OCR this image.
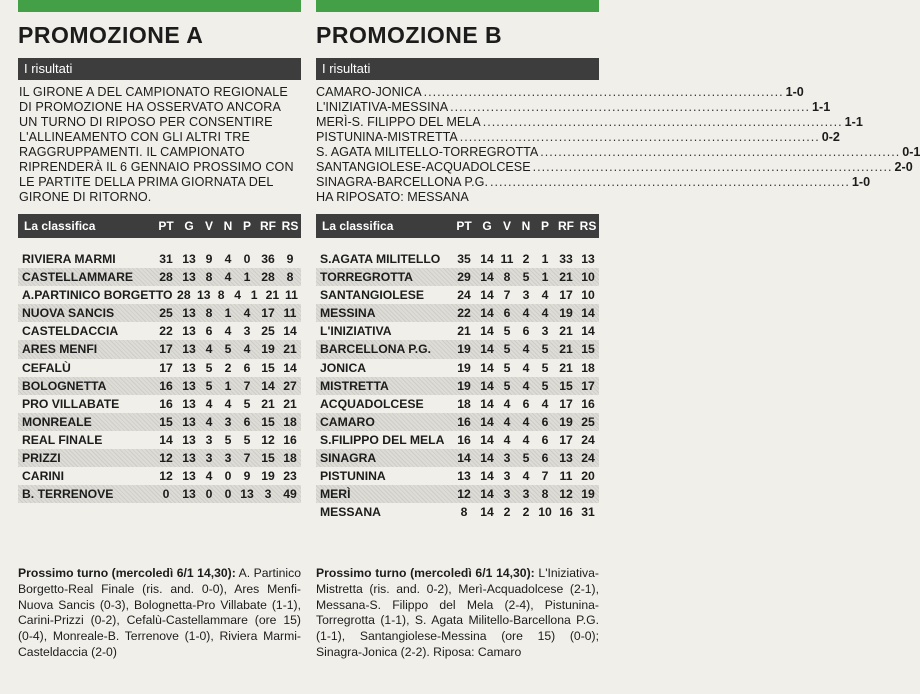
PROMOZIONE A
I risultati
IL GIRONE A DEL CAMPIONATO REGIONALE DI PROMOZIONE HA OSSERVATO ANCORA UN TURNO DI RIPOSO PER CONSENTIRE L'ALLINEAMENTO CON GLI ALTRI TRE RAGGRUPPAMENTI. IL CAMPIONATO RIPRENDERÀ IL 6 GENNAIO PROSSIMO CON LE PARTITE DELLA PRIMA GIORNATA DEL GIRONE DI RITORNO.
La classifica	PT G V N P RF RS
RIVIERA MARMI	31 13 9	4	0 36 9
CASTELLAMMARE	28 13 8	4	1 28 8
A.PARTINICO BORGETTO 28 13 8 4 1 21 11
NUOVA SANCIS	25 13 8	1	4 17 11
CASTELDACCIA	22 13 6	4	3 25 14
ARES MENFI	17 13 4	5	4 19 21
CEFALÙ	17 13 5	2	6 15 14
BOLOGNETTA	16 13 5	1	7 14 27
PRO VILLABATE	16 13 4	4	5 21 21
MONREALE	15 13 4	3	6 15 18
REAL FINALE	14 13 3	5	5 12 16
PRIZZI	12 13 3	3	7 15 18
CARINI	12 13 4	0	9 19 23
B. TERRENOVE	0	13 0	0 13 3 49
Prossimo turno (mercoledì 6/1 14,30): A. Partinico Borgetto-Real Finale (ris. and. 0-0), Ares Menfi-Nuova Sancis (0-3), Bolognetta-Pro Villabate (1-1), Carini-Prizzi (0-2), Cefalù-Castellammare (ore 15) (0-4), Monreale-B. Terrenove (1-0), Riviera Marmi-Casteldaccia (2-0)
PROMOZIONE B
I risultati
CAMARO-JONICA ................................................................................ 1-0
L'INIZIATIVA-MESSINA ................................................................................ 1-1
MERÌ-S. FILIPPO DEL MELA ................................................................................ 1-1
PISTUNINA-MISTRETTA ................................................................................ 0-2
S. AGATA MILITELLO-TORREGROTTA ................................................................................ 0-1
SANTANGIOLESE-ACQUADOLCESE ................................................................................ 2-0
SINAGRA-BARCELLONA P.G. ................................................................................ 1-0
HA RIPOSATO: MESSANA
La classifica	PT G V N P RF RS
S.AGATA MILITELLO	35 14 11 2	1 33 13
TORREGROTTA	29 14 8	5	1 21 10
SANTANGIOLESE	24 14 7	3	4 17 10
MESSINA	22 14 6	4	4 19 14
L'INIZIATIVA	21 14 5	6	3 21 14
BARCELLONA P.G.	19 14 5	4	5 21 15
JONICA	19 14 5	4	5 21 18
MISTRETTA	19 14 5	4	5 15 17
ACQUADOLCESE	18 14 4	6	4 17 16
CAMARO	16 14 4	4	6 19 25
S.FILIPPO DEL MELA	16 14 4	4	6 17 24
SINAGRA	14 14 3	5	6 13 24
PISTUNINA	13 14 3	4	7 11 20
MERÌ	12 14 3	3	8 12 19
MESSANA	8	14 2	2 10 16 31
Prossimo turno (mercoledì 6/1 14,30): L'Iniziativa-Mistretta (ris. and. 0-2), Merì-Acquadolcese (2-1), Messana-S. Filippo del Mela (2-4), Pistunina-Torregrotta (1-1), S. Agata Militello-Barcellona P.G. (1-1), Santangiolese-Messina (ore 15) (0-0); Sinagra-Jonica (2-2). Riposa: Camaro
